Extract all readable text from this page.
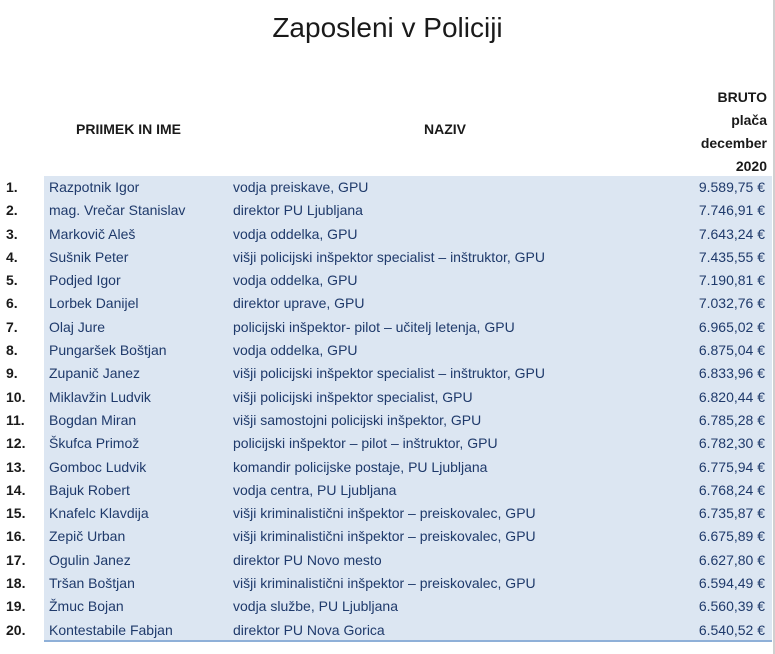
Zaposleni v Policiji
PRIIMEK IN IME	NAZIV
BRUTO
plača
december
2020
1.	Razpotnik Igor	vodja preiskave, GPU	9.589,75 €
2.	mag. Vrečar Stanislav	direktor PU Ljubljana	7.746,91 €
3.	Markovič Aleš	vodja oddelka, GPU	7.643,24 €
4.	Sušnik Peter	višji policijski inšpektor specialist – inštruktor, GPU	7.435,55 €
5.	Podjed Igor	vodja oddelka, GPU	7.190,81 €
6.	Lorbek Danijel	direktor uprave, GPU	7.032,76 €
7.	Olaj Jure	policijski inšpektor- pilot – učitelj letenja, GPU	6.965,02 €
8.	Pungaršek Boštjan	vodja oddelka, GPU	6.875,04 €
9.	Zupanič Janez	višji policijski inšpektor specialist – inštruktor, GPU	6.833,96 €
10.	Miklavžin Ludvik	višji policijski inšpektor specialist, GPU	6.820,44 €
11.	Bogdan Miran	višji samostojni policijski inšpektor, GPU	6.785,28 €
12.	Škufca Primož	policijski inšpektor – pilot – inštruktor, GPU	6.782,30 €
13.	Gomboc Ludvik	komandir policijske postaje, PU Ljubljana	6.775,94 €
14.	Bajuk Robert	vodja centra, PU Ljubljana	6.768,24 €
15.	Knafelc Klavdija	višji kriminalistični inšpektor – preiskovalec, GPU	6.735,87 €
16.	Zepič Urban	višji kriminalistični inšpektor – preiskovalec, GPU	6.675,89 €
17.	Ogulin Janez	direktor PU Novo mesto	6.627,80 €
18.	Tršan Boštjan	višji kriminalistični inšpektor – preiskovalec, GPU	6.594,49 €
19.	Žmuc Bojan	vodja službe, PU Ljubljana	6.560,39 €
20.	Kontestabile Fabjan	direktor PU Nova Gorica	6.540,52 €
